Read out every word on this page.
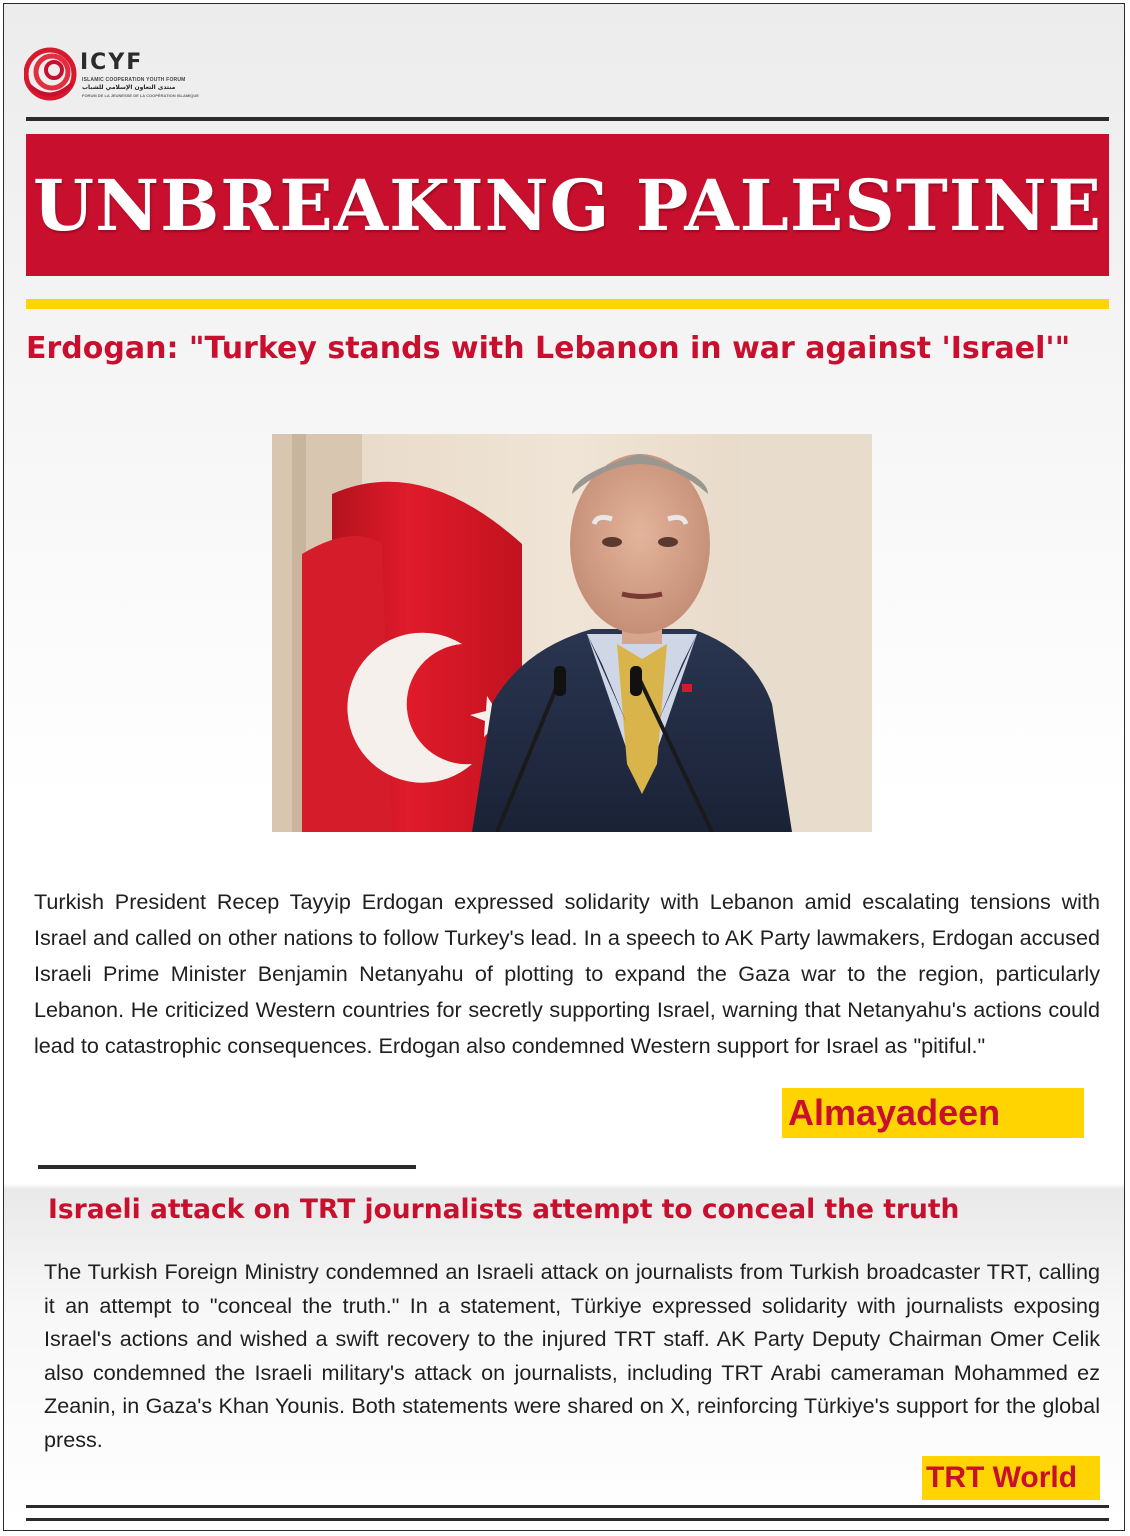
ICYF
ISLAMIC COOPERATION YOUTH FORUM
منتدى التعاون الإسلامي للشباب
FORUM DE LA JEUNESSE DE LA COOPÉRATION ISLAMIQUE
UNBREAKING PALESTINE
Erdogan: "Turkey stands with Lebanon in war against 'Israel'"
Turkish President Recep Tayyip Erdogan expressed solidarity with Lebanon amid escalating tensions with Israel and called on other nations to follow Turkey's lead. In a speech to AK Party lawmakers, Erdogan accused Israeli Prime Minister Benjamin Netanyahu of plotting to expand the Gaza war to the region, particularly Lebanon. He criticized Western countries for secretly supporting Israel, warning that Netanyahu's actions could lead to catastrophic consequences. Erdogan also condemned Western support for Israel as "pitiful."
Almayadeen
Israeli attack on TRT journalists attempt to conceal the truth
The Turkish Foreign Ministry condemned an Israeli attack on journalists from Turkish broadcaster TRT, calling it an attempt to "conceal the truth." In a statement, Türkiye expressed solidarity with journalists exposing Israel's actions and wished a swift recovery to the injured TRT staff. AK Party Deputy Chairman Omer Celik also condemned the Israeli military's attack on journalists, including TRT Arabi cameraman Mohammed ez Zeanin, in Gaza's Khan Younis. Both statements were shared on X, reinforcing Türkiye's support for the global press.
TRT World
